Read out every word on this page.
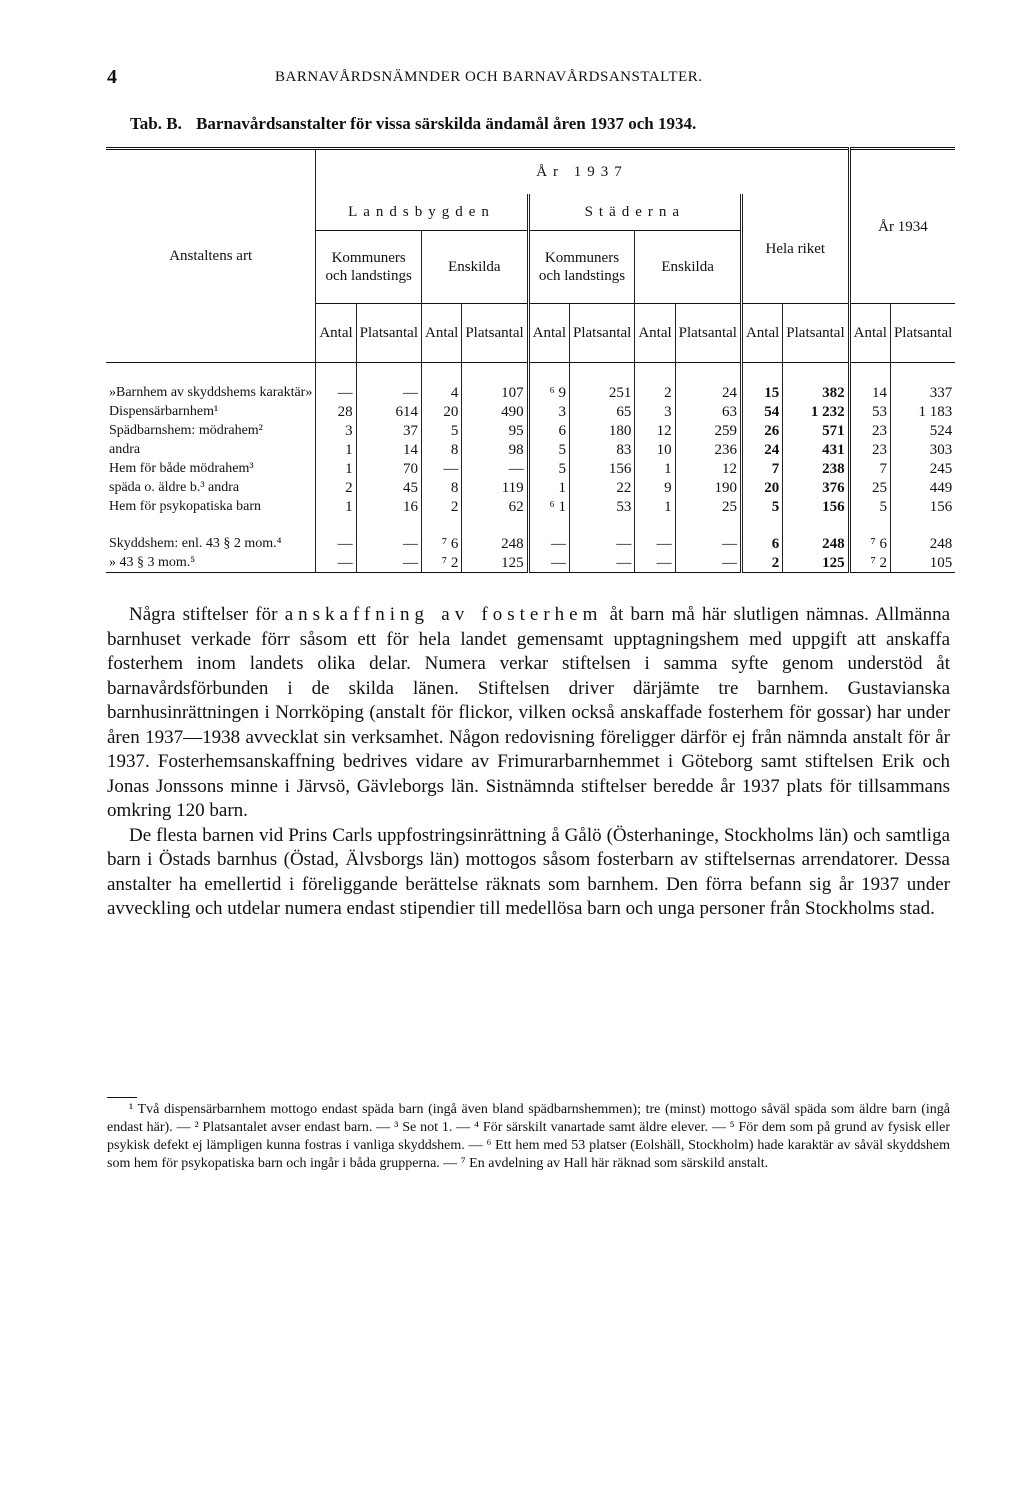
4	BARNAVÅRDSNÄMNDER OCH BARNAVÅRDSANSTALTER.
Tab. B. Barnavårdsanstalter för vissa särskilda ändamål åren 1937 och 1934.
Anstaltens art	År 1937										År 1934	
	Landsbygden				Städerna				Hela riket			
	Kommuners och landstings		Enskilda		Kommuners och landstings		Enskilda					
	Antal	Platsantal	Antal	Platsantal	Antal	Platsantal	Antal	Platsantal	Antal	Platsantal	Antal	Platsantal

»Barnhem av skyddshems karaktär»	—	—	4	107	⁶ 9	251	2	24	15	382	14	337
Dispensärbarnhem¹	28	614	20	490	3	65	3	63	54	1 232	53	1 183
Spädbarnshem: mödrahem²	3	37	5	95	6	180	12	259	26	571	23	524
andra	1	14	8	98	5	83	10	236	24	431	23	303
Hem för både mödrahem³	1	70	—	—	5	156	1	12	7	238	7	245
späda o. äldre b.³ andra	2	45	8	119	1	22	9	190	20	376	25	449
Hem för psykopatiska barn	1	16	2	62	⁶ 1	53	1	25	5	156	5	156

Skyddshem: enl. 43 § 2 mom.⁴	—	—	⁷ 6	248	—	—	—	—	6	248	⁷ 6	248
» 43 § 3 mom.⁵	—	—	⁷ 2	125	—	—	—	—	2	125	⁷ 2	105

Några stiftelser för anskaffning av fosterhem åt barn må här slutligen nämnas. Allmänna barnhuset verkade förr såsom ett för hela landet gemensamt upptagningshem med uppgift att anskaffa fosterhem inom landets olika delar. Numera verkar stiftelsen i samma syfte genom understöd åt barnavårdsförbunden i de skilda länen. Stiftelsen driver därjämte tre barnhem. Gustavianska barnhusinrättningen i Norrköping (anstalt för flickor, vilken också anskaffade fosterhem för gossar) har under åren 1937—1938 avvecklat sin verksamhet. Någon redovisning föreligger därför ej från nämnda anstalt för år 1937. Fosterhemsanskaffning bedrives vidare av Frimurarbarnhemmet i Göteborg samt stiftelsen Erik och Jonas Jonssons minne i Järvsö, Gävleborgs län. Sistnämnda stiftelser beredde år 1937 plats för tillsammans omkring 120 barn.

De flesta barnen vid Prins Carls uppfostringsinrättning å Gålö (Österhaninge, Stockholms län) och samtliga barn i Östads barnhus (Östad, Älvsborgs län) mottogos såsom fosterbarn av stiftelsernas arrendatorer. Dessa anstalter ha emellertid i föreliggande berättelse räknats som barnhem. Den förra befann sig år 1937 under avveckling och utdelar numera endast stipendier till medellösa barn och unga personer från Stockholms stad.

¹ Två dispensärbarnhem mottogo endast späda barn (ingå även bland spädbarnshemmen); tre (minst) mottogo såväl späda som äldre barn (ingå endast här). — ² Platsantalet avser endast barn. — ³ Se not 1. — ⁴ För särskilt vanartade samt äldre elever. — ⁵ För dem som på grund av fysisk eller psykisk defekt ej lämpligen kunna fostras i vanliga skyddshem. — ⁶ Ett hem med 53 platser (Eolshäll, Stockholm) hade karaktär av såväl skyddshem som hem för psykopatiska barn och ingår i båda grupperna. — ⁷ En avdelning av Hall här räknad som särskild anstalt.
